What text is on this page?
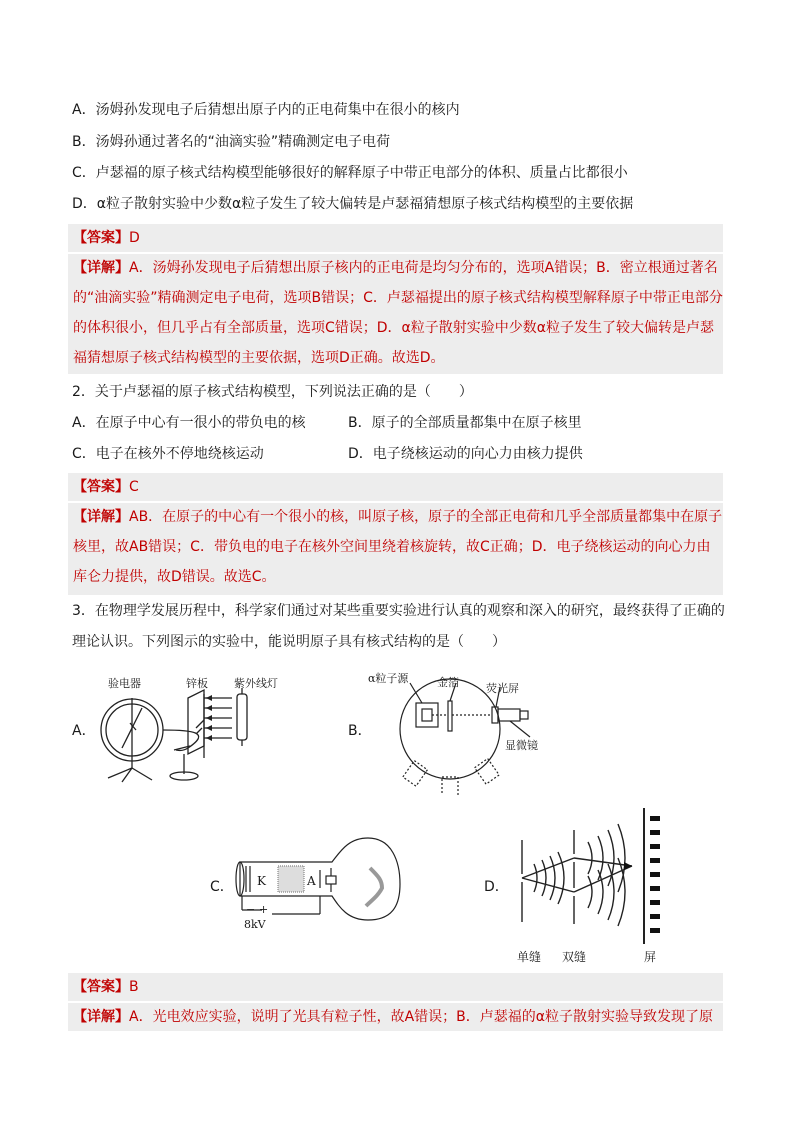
A．汤姆孙发现电子后猜想出原子内的正电荷集中在很小的核内
B．汤姆孙通过著名的“油滴实验”精确测定电子电荷
C．卢瑟福的原子核式结构模型能够很好的解释原子中带正电部分的体积、质量占比都很小
D．α粒子散射实验中少数α粒子发生了较大偏转是卢瑟福猜想原子核式结构模型的主要依据
【答案】D
【详解】A．汤姆孙发现电子后猜想出原子核内的正电荷是均匀分布的，选项A错误；B．密立根通过著名
的“油滴实验”精确测定电子电荷，选项B错误；C．卢瑟福提出的原子核式结构模型解释原子中带正电部分
的体积很小，但几乎占有全部质量，选项C错误；D．α粒子散射实验中少数α粒子发生了较大偏转是卢瑟
福猜想原子核式结构模型的主要依据，选项D正确。故选D。
2．关于卢瑟福的原子核式结构模型，下列说法正确的是（　　）
A．在原子中心有一很小的带负电的核	B．原子的全部质量都集中在原子核里
C．电子在核外不停地绕核运动	D．电子绕核运动的向心力由核力提供
【答案】C
【详解】AB．在原子的中心有一个很小的核，叫原子核，原子的全部正电荷和几乎全部质量都集中在原子
核里，故AB错误；C．带负电的电子在核外空间里绕着核旋转，故C正确；D．电子绕核运动的向心力由
库仑力提供，故D错误。故选C。
3．在物理学发展历程中，科学家们通过对某些重要实验进行认真的观察和深入的研究，最终获得了正确的
理论认识。下列图示的实验中，能说明原子具有核式结构的是（　　）
A．
验电器	锌板 紫外线灯
B．
α粒子源	金箔 荧光屏
显微镜
C． K	A
− +
8kV
D．
单缝 双缝	屏
【答案】B
【详解】A．光电效应实验，说明了光具有粒子性，故A错误；B．卢瑟福的α粒子散射实验导致发现了原
